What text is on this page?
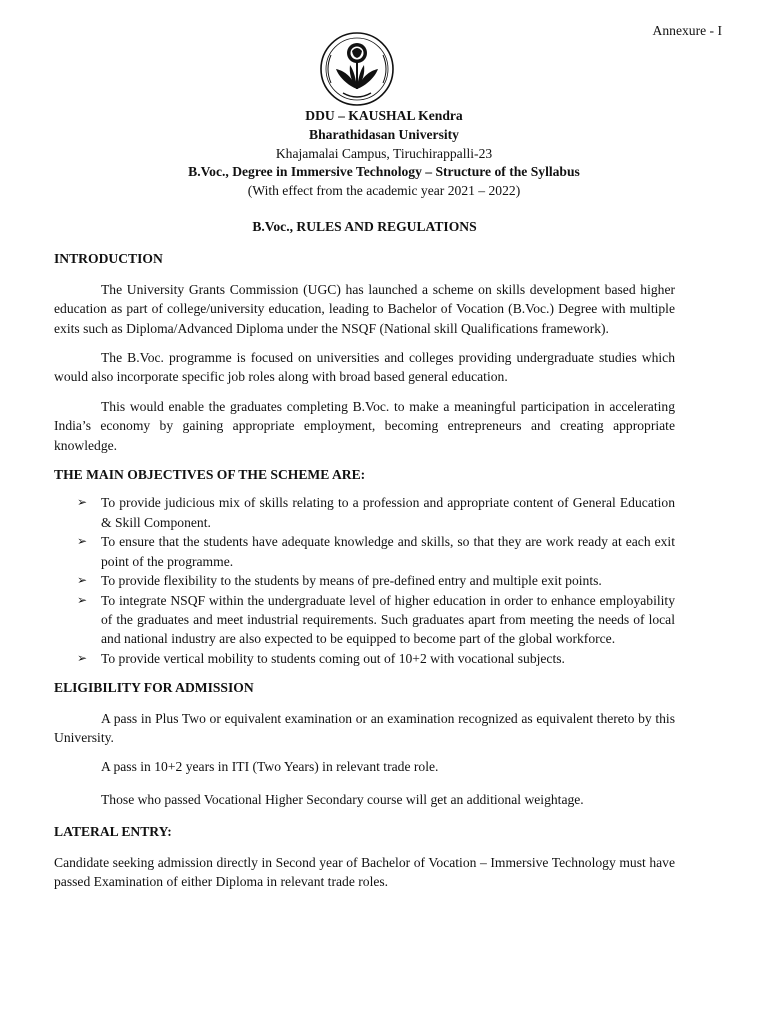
Annexure - I
DDU – KAUSHAL Kendra
Bharathidasan University
Khajamalai Campus, Tiruchirappalli-23
B.Voc., Degree in Immersive Technology – Structure of the Syllabus
(With effect from the academic year 2021 – 2022)
B.Voc., RULES AND REGULATIONS
INTRODUCTION

The University Grants Commission (UGC) has launched a scheme on skills development based higher education as part of college/university education, leading to Bachelor of Vocation (B.Voc.) Degree with multiple exits such as Diploma/Advanced Diploma under the NSQF (National skill Qualifications framework).

The B.Voc. programme is focused on universities and colleges providing undergraduate studies which would also incorporate specific job roles along with broad based general education.

This would enable the graduates completing B.Voc. to make a meaningful participation in accelerating India’s economy by gaining appropriate employment, becoming entrepreneurs and creating appropriate knowledge.

THE MAIN OBJECTIVES OF THE SCHEME ARE:
➢ To provide judicious mix of skills relating to a profession and appropriate content of General Education & Skill Component.
➢ To ensure that the students have adequate knowledge and skills, so that they are work ready at each exit point of the programme.
➢ To provide flexibility to the students by means of pre-defined entry and multiple exit points.
➢ To integrate NSQF within the undergraduate level of higher education in order to enhance employability of the graduates and meet industrial requirements. Such graduates apart from meeting the needs of local and national industry are also expected to be equipped to become part of the global workforce.
➢ To provide vertical mobility to students coming out of 10+2 with vocational subjects.
ELIGIBILITY FOR ADMISSION

A pass in Plus Two or equivalent examination or an examination recognized as equivalent thereto by this University.

A pass in 10+2 years in ITI (Two Years) in relevant trade role.

Those who passed Vocational Higher Secondary course will get an additional weightage.

LATERAL ENTRY:

Candidate seeking admission directly in Second year of Bachelor of Vocation – Immersive Technology must have passed Examination of either Diploma in relevant trade roles.
